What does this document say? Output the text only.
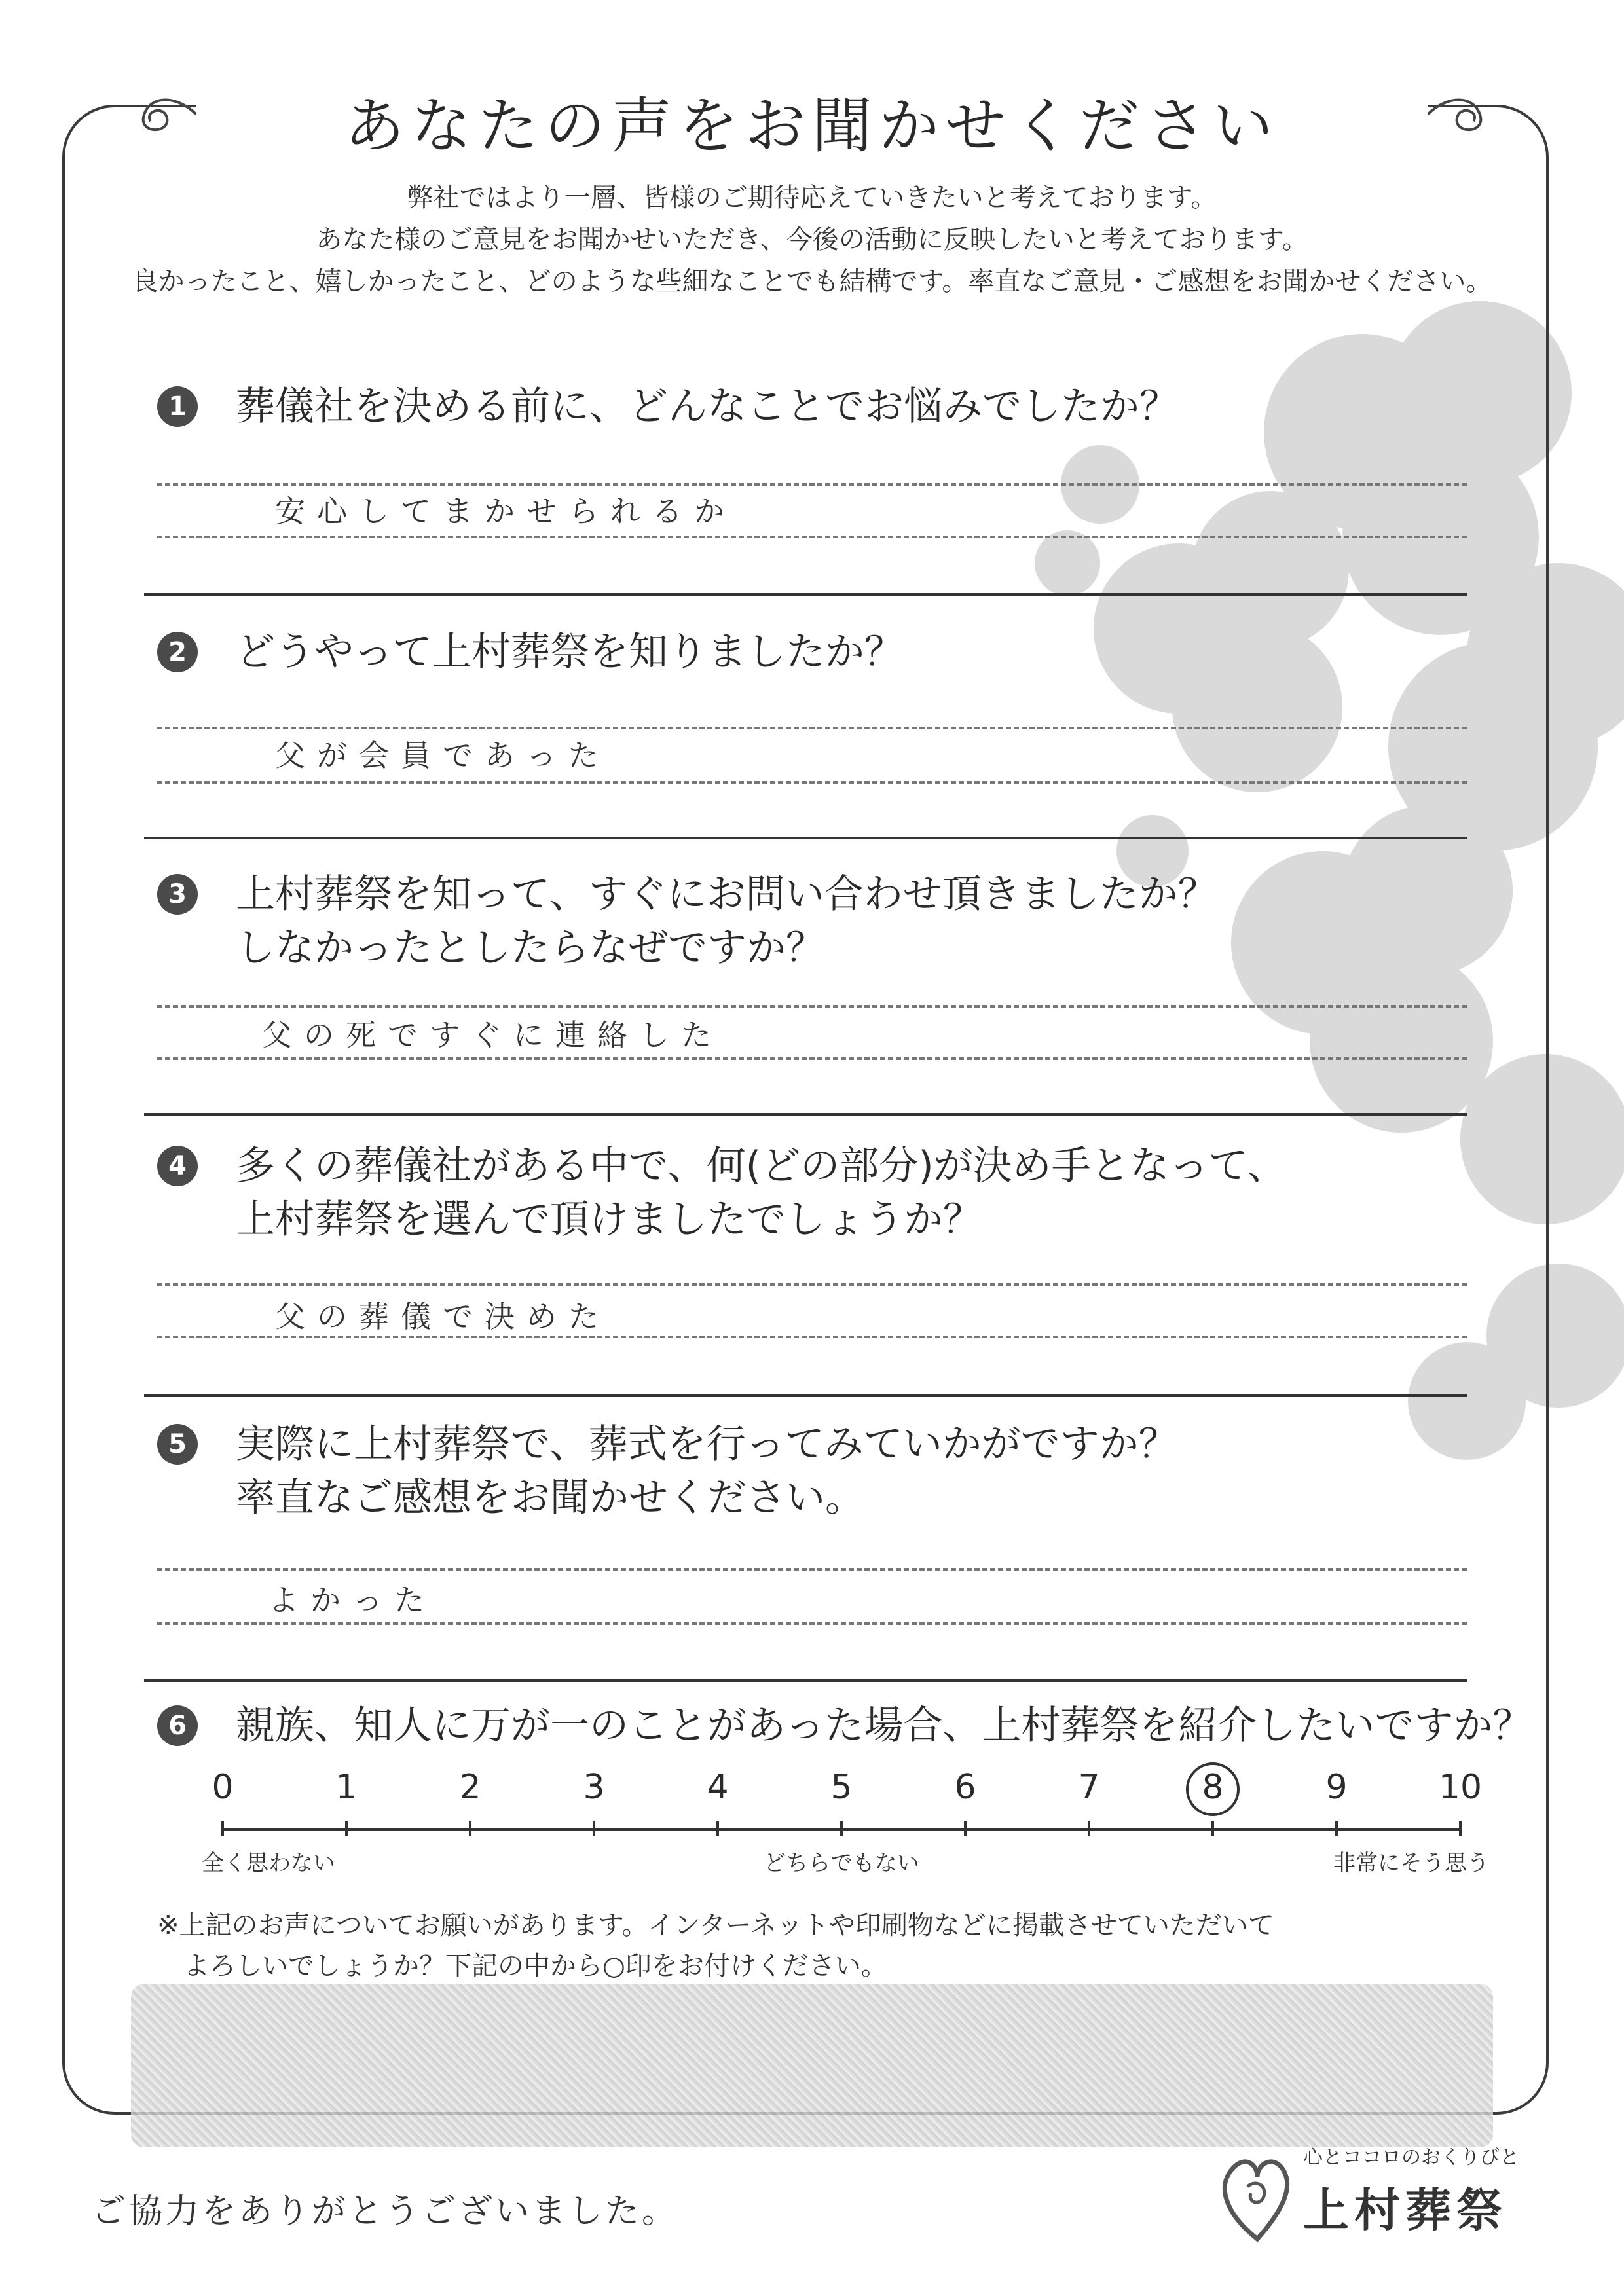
あなたの声をお聞かせください
弊社ではより一層、皆様のご期待応えていきたいと考えております。
あなた様のご意見をお聞かせいただき、今後の活動に反映したいと考えております。
良かったこと、嬉しかったこと、どのような些細なことでも結構です。率直なご意見・ご感想をお聞かせください。
1 葬儀社を決める前に、どんなことでお悩みでしたか？
安心してまかせられるか
2 どうやって上村葬祭を知りましたか？
父が会員であった
3 上村葬祭を知って、すぐにお問い合わせ頂きましたか？
しなかったとしたらなぜですか？
父の死ですぐに連絡した
4 多くの葬儀社がある中で、何(どの部分)が決め手となって、
上村葬祭を選んで頂けましたでしょうか？
父の葬儀で決めた
5 実際に上村葬祭で、葬式を行ってみていかがですか？
率直なご感想をお聞かせください。
よかった
6 親族、知人に万が一のことがあった場合、上村葬祭を紹介したいですか？
全く思わない	どちらでもない	非常にそう思う
0	1	2	3	4	5	6	7	8	9	10
※上記のお声についてお願いがあります。インターネットや印刷物などに掲載させていただいて
よろしいでしょうか？下記の中から○印をお付けください。
ご協力をありがとうございました。
心とココロのおくりびと
上村葬祭
